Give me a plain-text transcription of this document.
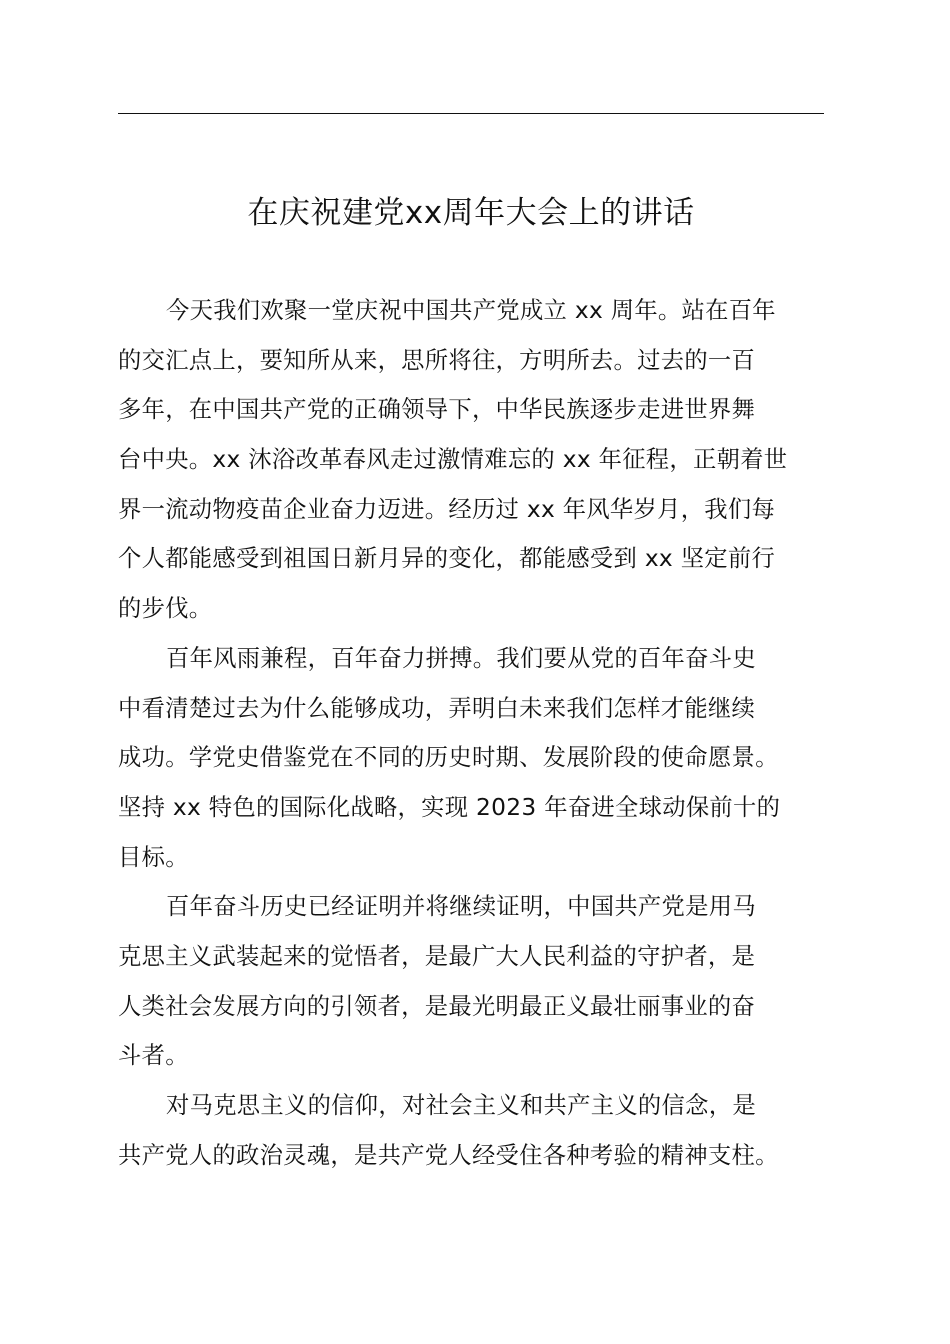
在庆祝建党xx周年大会上的讲话
今天我们欢聚一堂庆祝中国共产党成立 xx 周年。站在百年
的交汇点上，要知所从来，思所将往，方明所去。过去的一百
多年，在中国共产党的正确领导下，中华民族逐步走进世界舞
台中央。xx 沐浴改革春风走过激情难忘的 xx 年征程，正朝着世
界一流动物疫苗企业奋力迈进。经历过 xx 年风华岁月，我们每
个人都能感受到祖国日新月异的变化，都能感受到 xx 坚定前行
的步伐。
百年风雨兼程，百年奋力拼搏。我们要从党的百年奋斗史
中看清楚过去为什么能够成功，弄明白未来我们怎样才能继续
成功。学党史借鉴党在不同的历史时期、发展阶段的使命愿景。
坚持 xx 特色的国际化战略，实现 2023 年奋进全球动保前十的
目标。
百年奋斗历史已经证明并将继续证明，中国共产党是用马
克思主义武装起来的觉悟者，是最广大人民利益的守护者，是
人类社会发展方向的引领者，是最光明最正义最壮丽事业的奋
斗者。
对马克思主义的信仰，对社会主义和共产主义的信念，是
共产党人的政治灵魂，是共产党人经受住各种考验的精神支柱。
